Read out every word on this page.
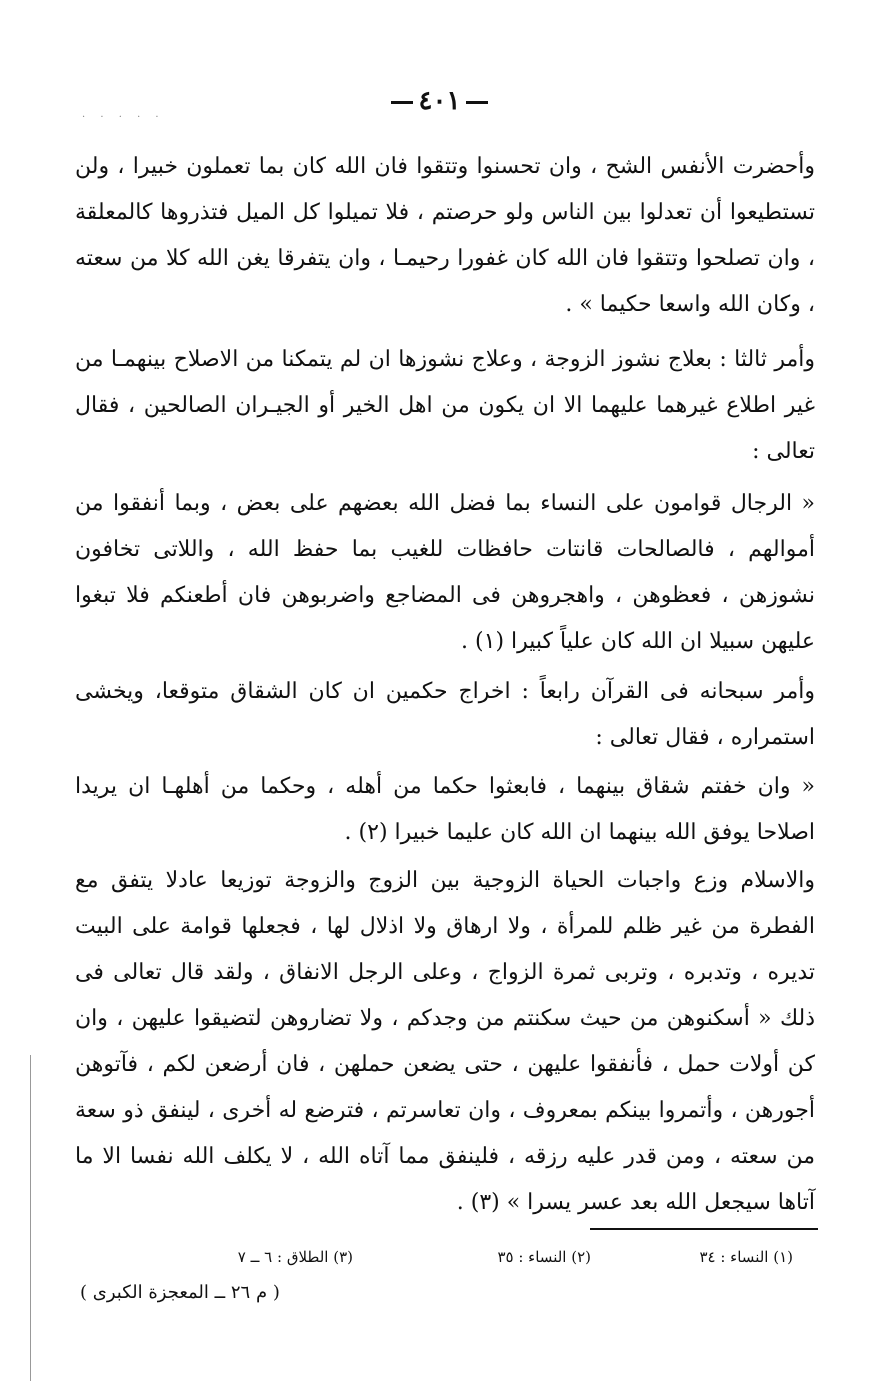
· · · · ·
٤٠١

وأحضرت الأنفس الشح ، وان تحسنوا وتتقوا فان الله كان بما تعملون خبيرا ، ولن تستطيعوا أن تعدلوا بين الناس ولو حرصتم ، فلا تميلوا كل الميل فتذروها كالمعلقة ، وان تصلحوا وتتقوا فان الله كان غفورا رحيمـا ، وان يتفرقا يغن الله كلا من سعته ، وكان الله واسعا حكيما » .

وأمر ثالثا : بعلاج نشوز الزوجة ، وعلاج نشوزها ان لم يتمكنا من الاصلاح بينهمـا من غير اطلاع غيرهما عليهما الا ان يكون من اهل الخير أو الجيـران الصالحين ، فقال تعالى :

« الرجال قوامون على النساء بما فضل الله بعضهم على بعض ، وبما أنفقوا من أموالهم ، فالصالحات قانتات حافظات للغيب بما حفظ الله ، واللاتى تخافون نشوزهن ، فعظوهن ، واهجروهن فى المضاجع واضربوهن فان أطعنكم فلا تبغوا عليهن سبيلا ان الله كان علياً كبيرا (١) .

وأمر سبحانه فى القرآن رابعاً : اخراج حكمين ان كان الشقاق متوقعا، ويخشى استمراره ، فقال تعالى :

« وان خفتم شقاق بينهما ، فابعثوا حكما من أهله ، وحكما من أهلهـا ان يريدا اصلاحا يوفق الله بينهما ان الله كان عليما خبيرا (٢) .

والاسلام وزع واجبات الحياة الزوجية بين الزوج والزوجة توزيعا عادلا يتفق مع الفطرة من غير ظلم للمرأة ، ولا ارهاق ولا اذلال لها ، فجعلها قوامة على البيت تديره ، وتدبره ، وتربى ثمرة الزواج ، وعلى الرجل الانفاق ، ولقد قال تعالى فى ذلك « أسكنوهن من حيث سكنتم من وجدكم ، ولا تضاروهن لتضيقوا عليهن ، وان كن أولات حمل ، فأنفقوا عليهن ، حتى يضعن حملهن ، فان أرضعن لكم ، فآتوهن أجورهن ، وأتمروا بينكم بمعروف ، وان تعاسرتم ، فترضع له أخرى ، لينفق ذو سعة من سعته ، ومن قدر عليه رزقه ، فلينفق مما آتاه الله ، لا يكلف الله نفسا الا ما آتاها سيجعل الله بعد عسر يسرا » (٣) .

(١) النساء : ٣٤
(٢) النساء : ٣٥
(٣) الطلاق : ٦ ــ ٧
( م ٢٦ ــ المعجزة الكبرى )
